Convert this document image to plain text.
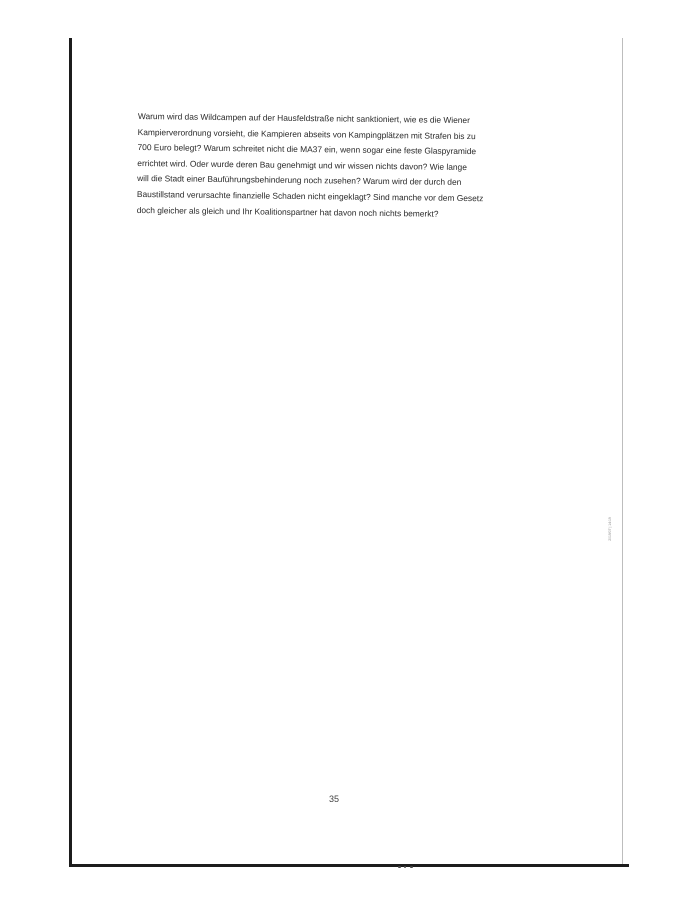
Warum wird das Wildcampen auf der Hausfeldstraße nicht sanktioniert, wie es die Wiener
Kampierverordnung vorsieht, die Kampieren abseits von Kampingplätzen mit Strafen bis zu
700 Euro belegt? Warum schreitet nicht die MA37 ein, wenn sogar eine feste Glaspyramide
errichtet wird. Oder wurde deren Bau genehmigt und wir wissen nichts davon? Wie lange
will die Stadt einer Bauführungsbehinderung noch zusehen? Warum wird der durch den
Baustillstand verursachte finanzielle Schaden nicht eingeklagt? Sind manche vor dem Gesetz
doch gleicher als gleich und Ihr Koalitionspartner hat davon noch nichts bemerkt?

2019/07 | 14:19
35
